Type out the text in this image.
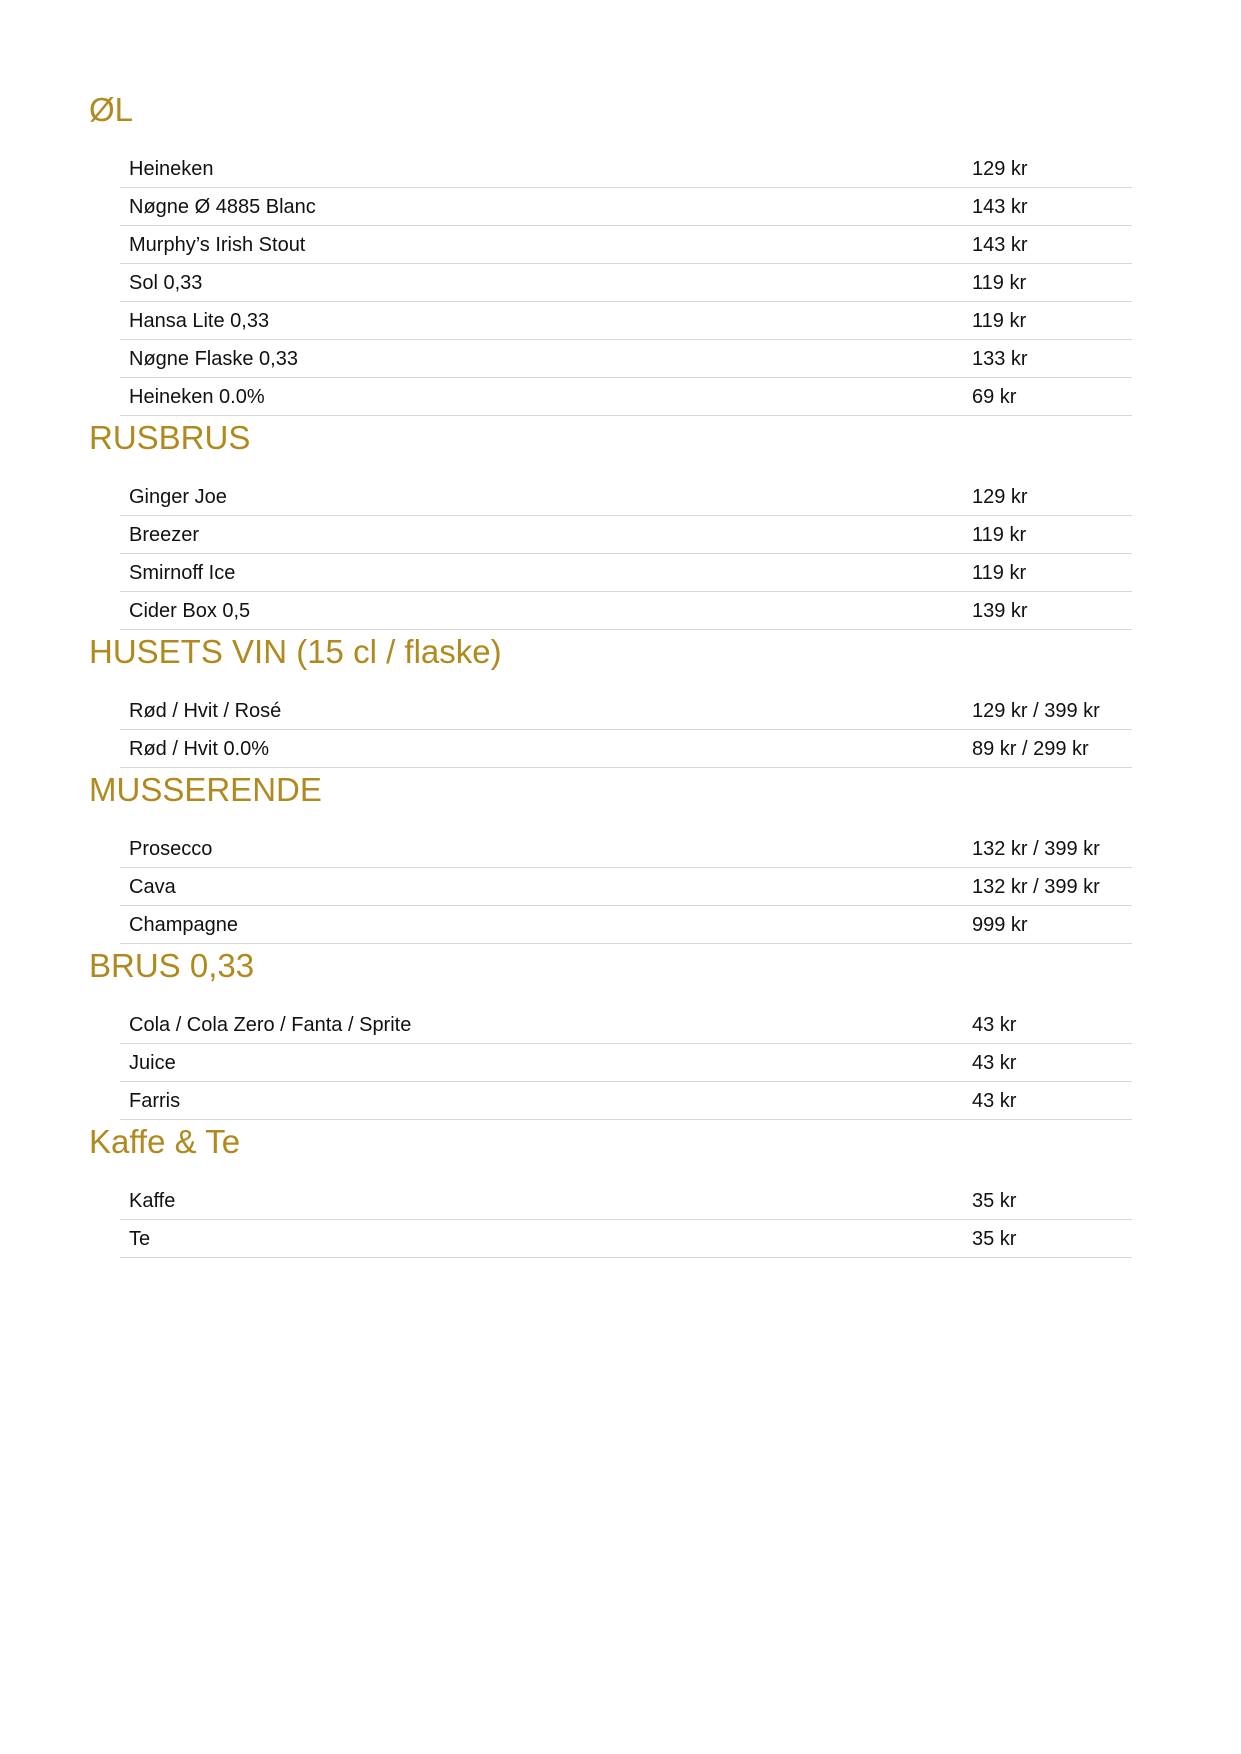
ØL
Heineken	129 kr
Nøgne Ø 4885 Blanc	143 kr
Murphy’s Irish Stout	143 kr
Sol 0,33	119 kr
Hansa Lite 0,33	119 kr
Nøgne Flaske 0,33	133 kr
Heineken 0.0%	69 kr
RUSBRUS
Ginger Joe	129 kr
Breezer	119 kr
Smirnoff Ice	119 kr
Cider Box 0,5	139 kr
HUSETS VIN (15 cl / flaske)
Rød / Hvit / Rosé	129 kr / 399 kr
Rød / Hvit 0.0%	89 kr / 299 kr
MUSSERENDE
Prosecco	132 kr / 399 kr
Cava	132 kr / 399 kr
Champagne	999 kr
BRUS 0,33
Cola / Cola Zero / Fanta / Sprite	43 kr
Juice	43 kr
Farris	43 kr
Kaffe & Te
Kaffe	35 kr
Te	35 kr
